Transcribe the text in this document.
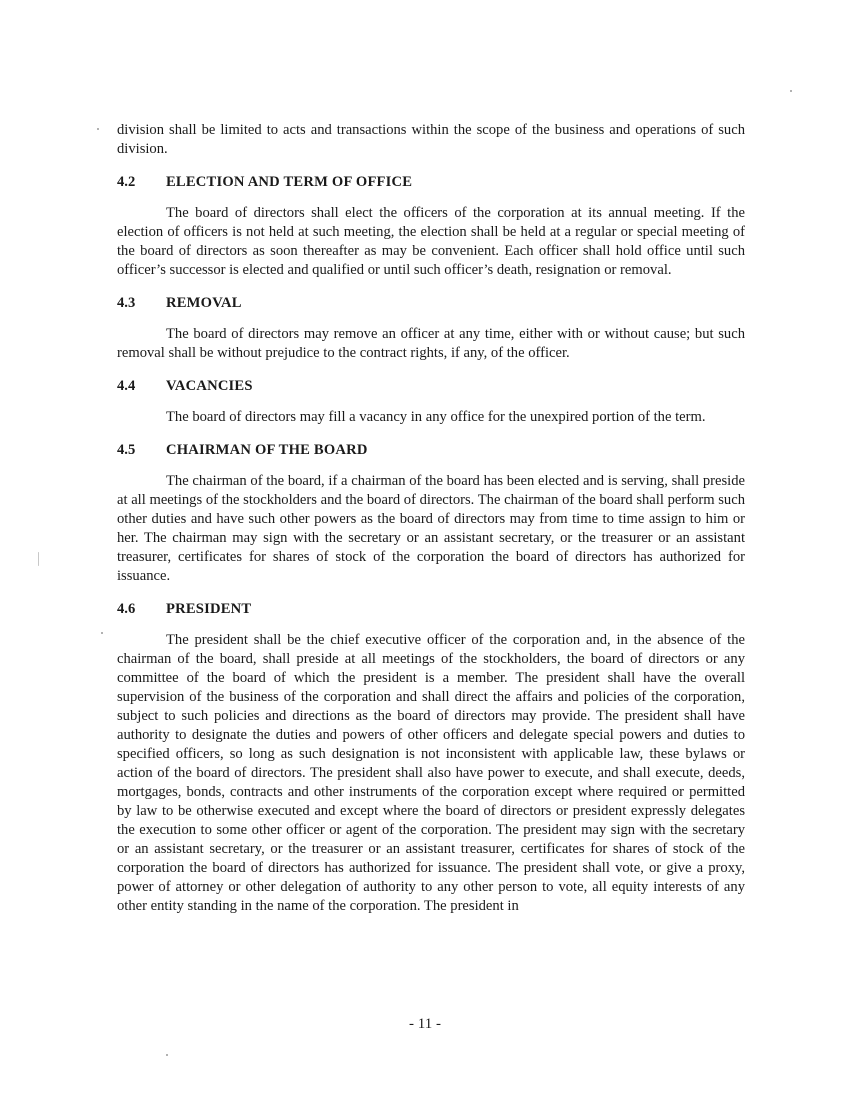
division shall be limited to acts and transactions within the scope of the business and operations of such division.

4.2	ELECTION AND TERM OF OFFICE

The board of directors shall elect the officers of the corporation at its annual meeting. If the election of officers is not held at such meeting, the election shall be held at a regular or special meeting of the board of directors as soon thereafter as may be convenient. Each officer shall hold office until such officer’s successor is elected and qualified or until such officer’s death, resignation or removal.

4.3	REMOVAL

The board of directors may remove an officer at any time, either with or without cause; but such removal shall be without prejudice to the contract rights, if any, of the officer.

4.4	VACANCIES

The board of directors may fill a vacancy in any office for the unexpired portion of the term.

4.5	CHAIRMAN OF THE BOARD

The chairman of the board, if a chairman of the board has been elected and is serving, shall preside at all meetings of the stockholders and the board of directors. The chairman of the board shall perform such other duties and have such other powers as the board of directors may from time to time assign to him or her. The chairman may sign with the secretary or an assistant secretary, or the treasurer or an assistant treasurer, certificates for shares of stock of the corporation the board of directors has authorized for issuance.

4.6	PRESIDENT

The president shall be the chief executive officer of the corporation and, in the absence of the chairman of the board, shall preside at all meetings of the stockholders, the board of directors or any committee of the board of which the president is a member. The president shall have the overall supervision of the business of the corporation and shall direct the affairs and policies of the corporation, subject to such policies and directions as the board of directors may provide. The president shall have authority to designate the duties and powers of other officers and delegate special powers and duties to specified officers, so long as such designation is not inconsistent with applicable law, these bylaws or action of the board of directors. The president shall also have power to execute, and shall execute, deeds, mortgages, bonds, contracts and other instruments of the corporation except where required or permitted by law to be otherwise executed and except where the board of directors or president expressly delegates the execution to some other officer or agent of the corporation. The president may sign with the secretary or an assistant secretary, or the treasurer or an assistant treasurer, certificates for shares of stock of the corporation the board of directors has authorized for issuance. The president shall vote, or give a proxy, power of attorney or other delegation of authority to any other person to vote, all equity interests of any other entity standing in the name of the corporation. The president in

- 11 -
